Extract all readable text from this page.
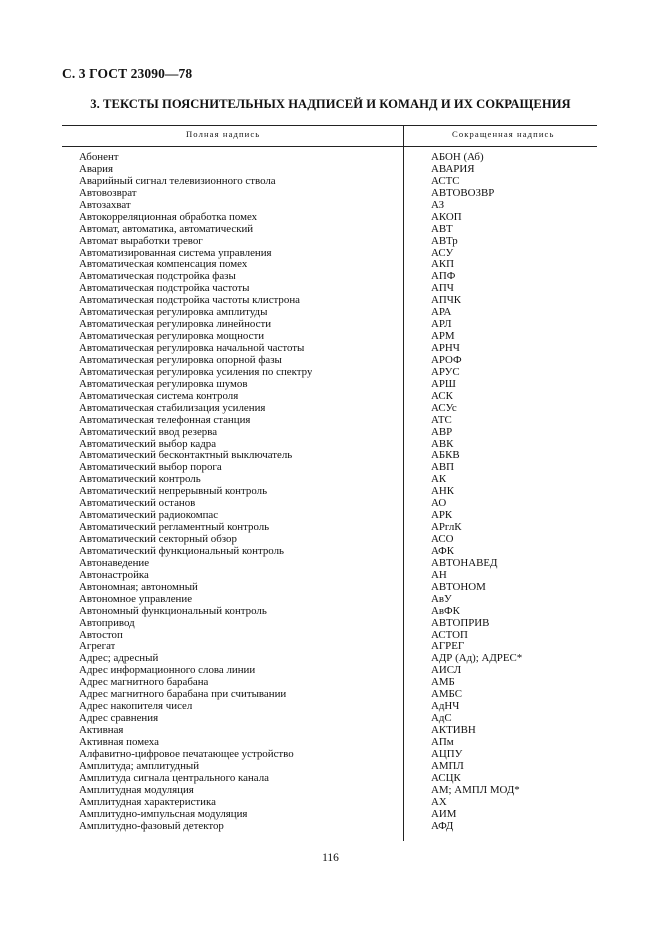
С. 3 ГОСТ 23090—78
3. ТЕКСТЫ ПОЯСНИТЕЛЬНЫХ НАДПИСЕЙ И КОМАНД И ИХ СОКРАЩЕНИЯ
Полная надпись	Сокращенная надпись
Абонент	АБОН (Аб)
Авария	АВАРИЯ
Аварийный сигнал телевизионного ствола	АСТС
Автовозврат	АВТОВОЗВР
Автозахват	АЗ
Автокорреляционная обработка помех	АКОП
Автомат, автоматика, автоматический	АВТ
Автомат выработки тревог	АВТр
Автоматизированная система управления	АСУ
Автоматическая компенсация помех	АКП
Автоматическая подстройка фазы	АПФ
Автоматическая подстройка частоты	АПЧ
Автоматическая подстройка частоты клистрона	АПЧК
Автоматическая регулировка амплитуды	АРА
Автоматическая регулировка линейности	АРЛ
Автоматическая регулировка мощности	АРМ
Автоматическая регулировка начальной частоты	АРНЧ
Автоматическая регулировка опорной фазы	АРОФ
Автоматическая регулировка усиления по спектру	АРУС
Автоматическая регулировка шумов	АРШ
Автоматическая система контроля	АСК
Автоматическая стабилизация усиления	АСУс
Автоматическая телефонная станция	АТС
Автоматический ввод резерва	АВР
Автоматический выбор кадра	АВК
Автоматический бесконтактный выключатель	АБКВ
Автоматический выбор порога	АВП
Автоматический контроль	АК
Автоматический непрерывный контроль	АНК
Автоматический останов	АО
Автоматический радиокомпас	АРК
Автоматический регламентный контроль	АРглК
Автоматический секторный обзор	АСО
Автоматический функциональный контроль	АФК
Автонаведение	АВТОНАВЕД
Автонастройка	АН
Автономная; автономный	АВТОНОМ
Автономное управление	АвУ
Автономный функциональный контроль	АвФК
Автопривод	АВТОПРИВ
Автостоп	АСТОП
Агрегат	АГРЕГ
Адрес; адресный	АДР (Ад); АДРЕС*
Адрес информационного слова линии	АИСЛ
Адрес магнитного барабана	АМБ
Адрес магнитного барабана при считывании	АМБС
Адрес накопителя чисел	АдНЧ
Адрес сравнения	АдС
Активная	АКТИВН
Активная помеха	АПм
Алфавитно-цифровое печатающее устройство	АЦПУ
Амплитуда; амплитудный	АМПЛ
Амплитуда сигнала центрального канала	АСЦК
Амплитудная модуляция	АМ; АМПЛ МОД*
Амплитудная характеристика	АХ
Амплитудно-импульсная модуляция	АИМ
Амплитудно-фазовый детектор	АФД
116
